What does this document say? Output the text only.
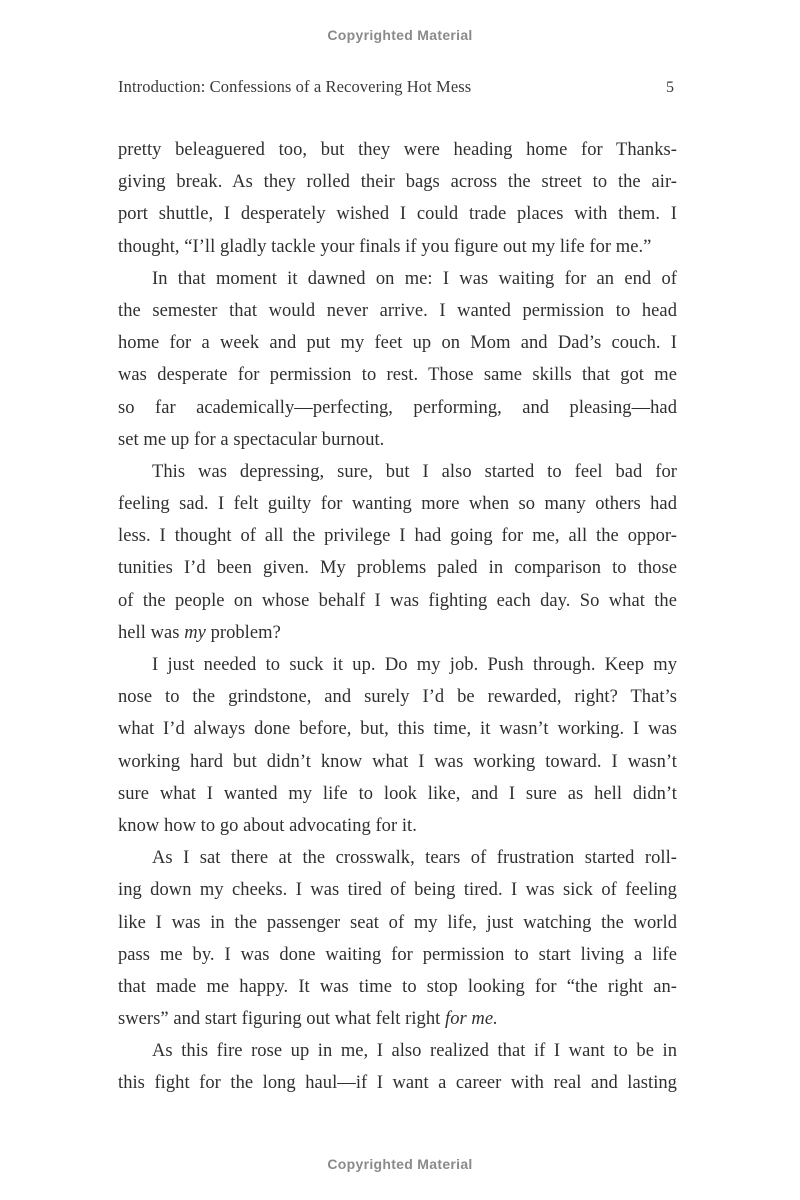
Copyrighted Material
Introduction: Confessions of a Recovering Hot Mess	5
pretty beleaguered too, but they were heading home for Thanks-
giving break. As they rolled their bags across the street to the air-
port shuttle, I desperately wished I could trade places with them. I
thought, “I’ll gladly tackle your finals if you figure out my life for me.”
In that moment it dawned on me: I was waiting for an end of
the semester that would never arrive. I wanted permission to head
home for a week and put my feet up on Mom and Dad’s couch. I
was desperate for permission to rest. Those same skills that got me
so far academically—perfecting, performing, and pleasing—had
set me up for a spectacular burnout.
This was depressing, sure, but I also started to feel bad for
feeling sad. I felt guilty for wanting more when so many others had
less. I thought of all the privilege I had going for me, all the oppor-
tunities I’d been given. My problems paled in comparison to those
of the people on whose behalf I was fighting each day. So what the
hell was my problem?
I just needed to suck it up. Do my job. Push through. Keep my
nose to the grindstone, and surely I’d be rewarded, right? That’s
what I’d always done before, but, this time, it wasn’t working. I was
working hard but didn’t know what I was working toward. I wasn’t
sure what I wanted my life to look like, and I sure as hell didn’t
know how to go about advocating for it.
As I sat there at the crosswalk, tears of frustration started roll-
ing down my cheeks. I was tired of being tired. I was sick of feeling
like I was in the passenger seat of my life, just watching the world
pass me by. I was done waiting for permission to start living a life
that made me happy. It was time to stop looking for “the right an-
swers” and start figuring out what felt right for me.
As this fire rose up in me, I also realized that if I want to be in
this fight for the long haul—if I want a career with real and lasting
Copyrighted Material
